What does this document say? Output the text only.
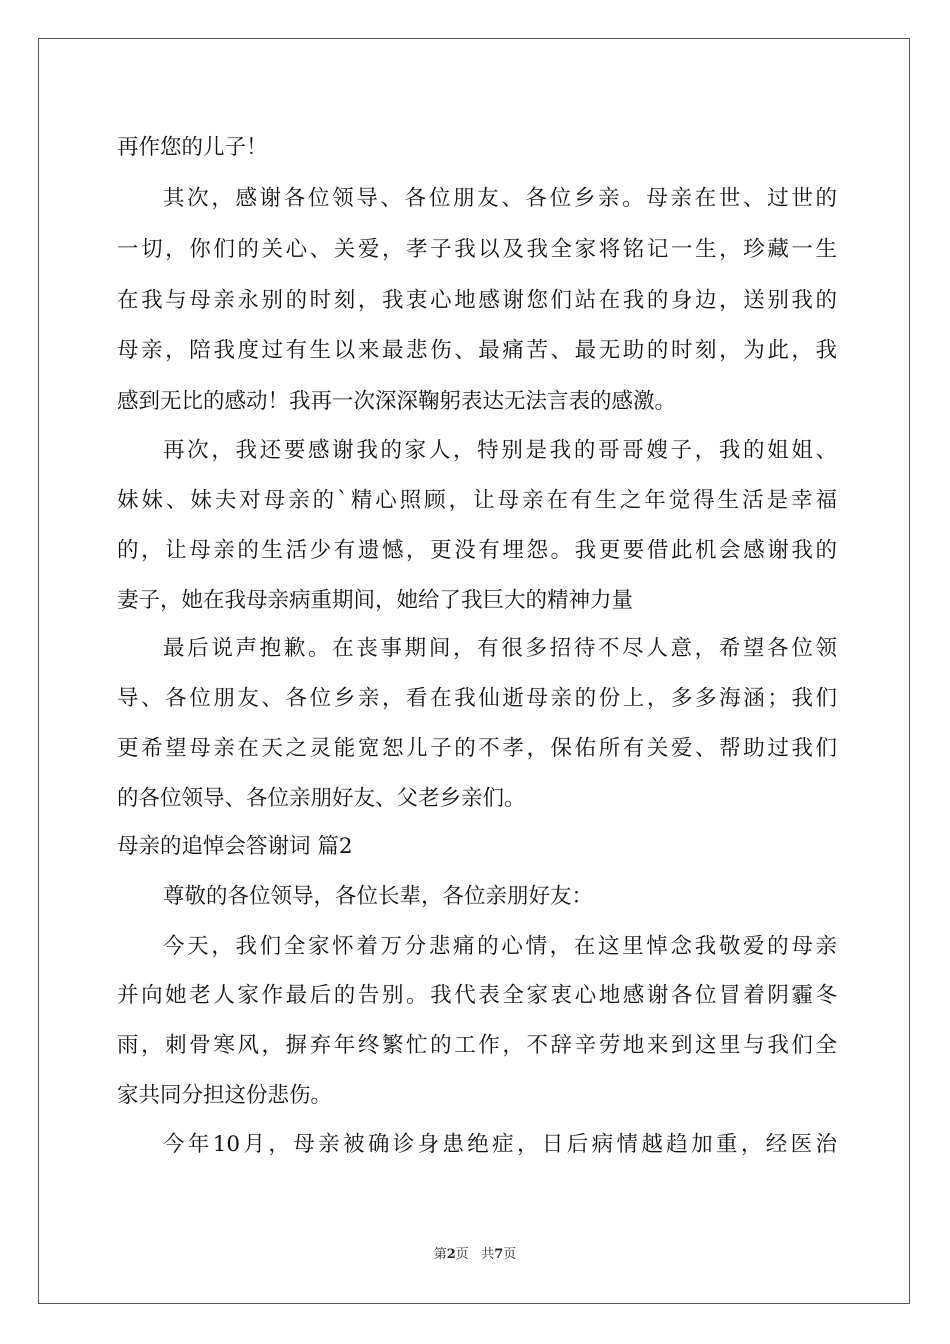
再作您的儿子！
其次，感谢各位领导、各位朋友、各位乡亲。母亲在世、过世的
一切，你们的关心、关爱，孝子我以及我全家将铭记一生，珍藏一生
在我与母亲永别的时刻，我衷心地感谢您们站在我的身边，送别我的
母亲，陪我度过有生以来最悲伤、最痛苦、最无助的时刻，为此，我
感到无比的感动！我再一次深深鞠躬表达无法言表的感激。
再次，我还要感谢我的家人，特别是我的哥哥嫂子，我的姐姐、
妹妹、妹夫对母亲的`精心照顾，让母亲在有生之年觉得生活是幸福
的，让母亲的生活少有遗憾，更没有埋怨。我更要借此机会感谢我的
妻子，她在我母亲病重期间，她给了我巨大的精神力量
最后说声抱歉。在丧事期间，有很多招待不尽人意，希望各位领
导、各位朋友、各位乡亲，看在我仙逝母亲的份上，多多海涵；我们
更希望母亲在天之灵能宽恕儿子的不孝，保佑所有关爱、帮助过我们
的各位领导、各位亲朋好友、父老乡亲们。
母亲的追悼会答谢词 篇2
尊敬的各位领导，各位长辈，各位亲朋好友：
今天，我们全家怀着万分悲痛的心情，在这里悼念我敬爱的母亲
并向她老人家作最后的告别。我代表全家衷心地感谢各位冒着阴霾冬
雨，刺骨寒风，摒弃年终繁忙的工作，不辞辛劳地来到这里与我们全
家共同分担这份悲伤。
今年10月，母亲被确诊身患绝症，日后病情越趋加重，经医治
第2页 共7页
